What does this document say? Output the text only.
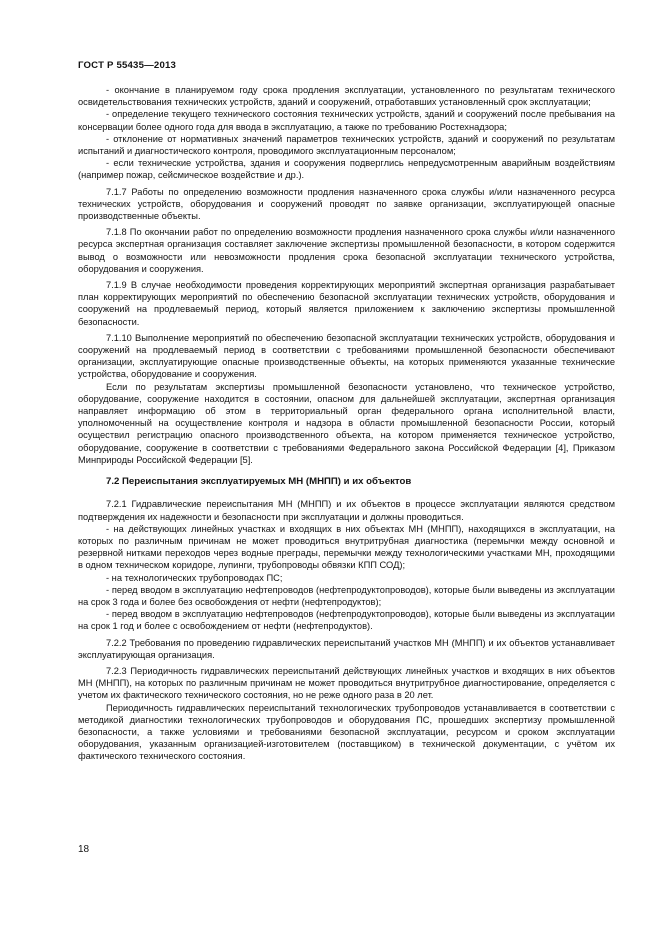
ГОСТ Р 55435—2013

- окончание в планируемом году срока продления эксплуатации, установленного по результатам технического освидетельствования технических устройств, зданий и сооружений, отработавших установленный срок эксплуатации;

- определение текущего технического состояния технических устройств, зданий и сооружений после пребывания на консервации более одного года для ввода в эксплуатацию, а также по требованию Ростехнадзора;

- отклонение от нормативных значений параметров технических устройств, зданий и сооружений по результатам испытаний и диагностического контроля, проводимого эксплуатационным персоналом;

- если технические устройства, здания и сооружения подверглись непредусмотренным аварийным воздействиям (например пожар, сейсмическое воздействие и др.).

7.1.7 Работы по определению возможности продления назначенного срока службы и/или назначенного ресурса технических устройств, оборудования и сооружений проводят по заявке организации, эксплуатирующей опасные производственные объекты.

7.1.8 По окончании работ по определению возможности продления назначенного срока службы и/или назначенного ресурса экспертная организация составляет заключение экспертизы промышленной безопасности, в котором содержится вывод о возможности или невозможности продления срока безопасной эксплуатации технического устройства, оборудования и сооружения.

7.1.9 В случае необходимости проведения корректирующих мероприятий экспертная организация разрабатывает план корректирующих мероприятий по обеспечению безопасной эксплуатации технических устройств, оборудования и сооружений на продлеваемый период, который является приложением к заключению экспертизы промышленной безопасности.

7.1.10 Выполнение мероприятий по обеспечению безопасной эксплуатации технических устройств, оборудования и сооружений на продлеваемый период в соответствии с требованиями промышленной безопасности обеспечивают организации, эксплуатирующие опасные производственные объекты, на которых применяются указанные технические устройства, оборудование и сооружения.

Если по результатам экспертизы промышленной безопасности установлено, что техническое устройство, оборудование, сооружение находится в состоянии, опасном для дальнейшей эксплуатации, экспертная организация направляет информацию об этом в территориальный орган федерального органа исполнительной власти, уполномоченный на осуществление контроля и надзора в области промышленной безопасности России, который осуществил регистрацию опасного производственного объекта, на котором применяется техническое устройство, оборудование, сооружение в соответствии с требованиями Федерального закона Российской Федерации [4], Приказом Минприроды Российской Федерации [5].

7.2 Переиспытания эксплуатируемых МН (МНПП) и их объектов

7.2.1 Гидравлические переиспытания МН (МНПП) и их объектов в процессе эксплуатации являются средством подтверждения их надежности и безопасности при эксплуатации и должны проводиться.

- на действующих линейных участках и входящих в них объектах МН (МНПП), находящихся в эксплуатации, на которых по различным причинам не может проводиться внутритрубная диагностика (перемычки между основной и резервной нитками переходов через водные преграды, перемычки между технологическими участками МН, проходящими в одном техническом коридоре, лупинги, трубопроводы обвязки КПП СОД);

- на технологических трубопроводах ПС;

- перед вводом в эксплуатацию нефтепроводов (нефтепродуктопроводов), которые были выведены из эксплуатации на срок 3 года и более без освобождения от нефти (нефтепродуктов);

- перед вводом в эксплуатацию нефтепроводов (нефтепродуктопроводов), которые были выведены из эксплуатации на срок 1 год и более с освобождением от нефти (нефтепродуктов).

7.2.2 Требования по проведению гидравлических переиспытаний участков МН (МНПП) и их объектов устанавливает эксплуатирующая организация.

7.2.3 Периодичность гидравлических переиспытаний действующих линейных участков и входящих в них объектов МН (МНПП), на которых по различным причинам не может проводиться внутритрубное диагностирование, определяется с учетом их фактического технического состояния, но не реже одного раза в 20 лет.

Периодичность гидравлических переиспытаний технологических трубопроводов устанавливается в соответствии с методикой диагностики технологических трубопроводов и оборудования ПС, прошедших экспертизу промышленной безопасности, а также условиями и требованиями безопасной эксплуатации, ресурсом и сроком эксплуатации оборудования, указанным организацией-изготовителем (поставщиком) в технической документации, с учётом их фактического технического состояния.

18
